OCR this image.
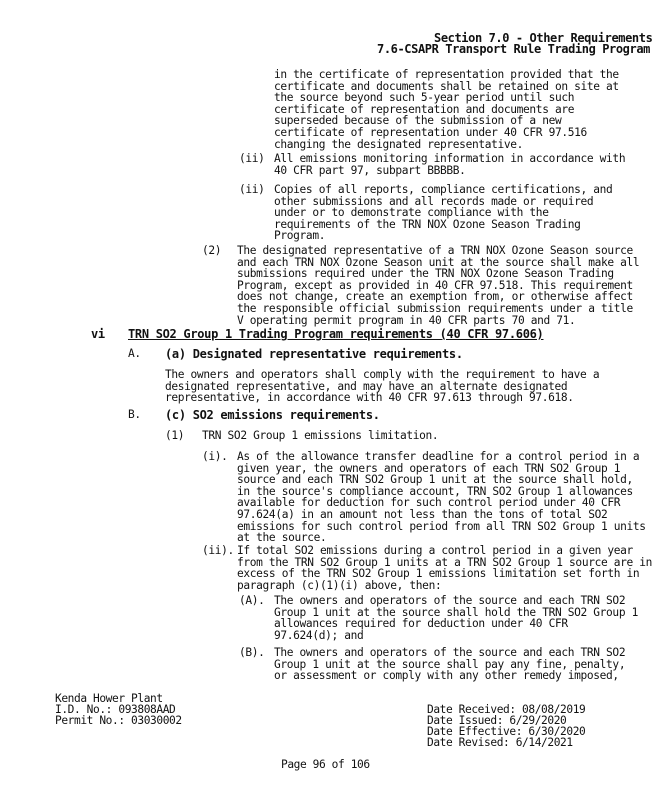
Section 7.0 - Other Requirements
7.6-CSAPR Transport Rule Trading Program
in the certificate of representation provided that the
certificate and documents shall be retained on site at
the source beyond such 5-year period until such
certificate of representation and documents are
superseded because of the submission of a new
certificate of representation under 40 CFR 97.516
changing the designated representative.
(ii) All emissions monitoring information in accordance with
40 CFR part 97, subpart BBBBB.
(ii) Copies of all reports, compliance certifications, and
other submissions and all records made or required
under or to demonstrate compliance with the
requirements of the TRN NOX Ozone Season Trading
Program.
(2) The designated representative of a TRN NOX Ozone Season source
and each TRN NOX Ozone Season unit at the source shall make all
submissions required under the TRN NOX Ozone Season Trading
Program, except as provided in 40 CFR 97.518. This requirement
does not change, create an exemption from, or otherwise affect
the responsible official submission requirements under a title
V operating permit program in 40 CFR parts 70 and 71.
vi TRN SO2 Group 1 Trading Program requirements (40 CFR 97.606)
A. (a) Designated representative requirements.
The owners and operators shall comply with the requirement to have a
designated representative, and may have an alternate designated
representative, in accordance with 40 CFR 97.613 through 97.618.
B. (c) SO2 emissions requirements.
(1) TRN SO2 Group 1 emissions limitation.
(i). As of the allowance transfer deadline for a control period in a
given year, the owners and operators of each TRN SO2 Group 1
source and each TRN SO2 Group 1 unit at the source shall hold,
in the source's compliance account, TRN SO2 Group 1 allowances
available for deduction for such control period under 40 CFR
97.624(a) in an amount not less than the tons of total SO2
emissions for such control period from all TRN SO2 Group 1 units
at the source.
(ii). If total SO2 emissions during a control period in a given year
from the TRN SO2 Group 1 units at a TRN SO2 Group 1 source are in
excess of the TRN SO2 Group 1 emissions limitation set forth in
paragraph (c)(1)(i) above, then:
(A). The owners and operators of the source and each TRN SO2
Group 1 unit at the source shall hold the TRN SO2 Group 1
allowances required for deduction under 40 CFR
97.624(d); and
(B). The owners and operators of the source and each TRN SO2
Group 1 unit at the source shall pay any fine, penalty,
or assessment or comply with any other remedy imposed,
Kenda Hower Plant
I.D. No.: 093808AAD
Permit No.: 03030002
Date Received: 08/08/2019
Date Issued: 6/29/2020
Date Effective: 6/30/2020
Date Revised: 6/14/2021
Page 96 of 106
